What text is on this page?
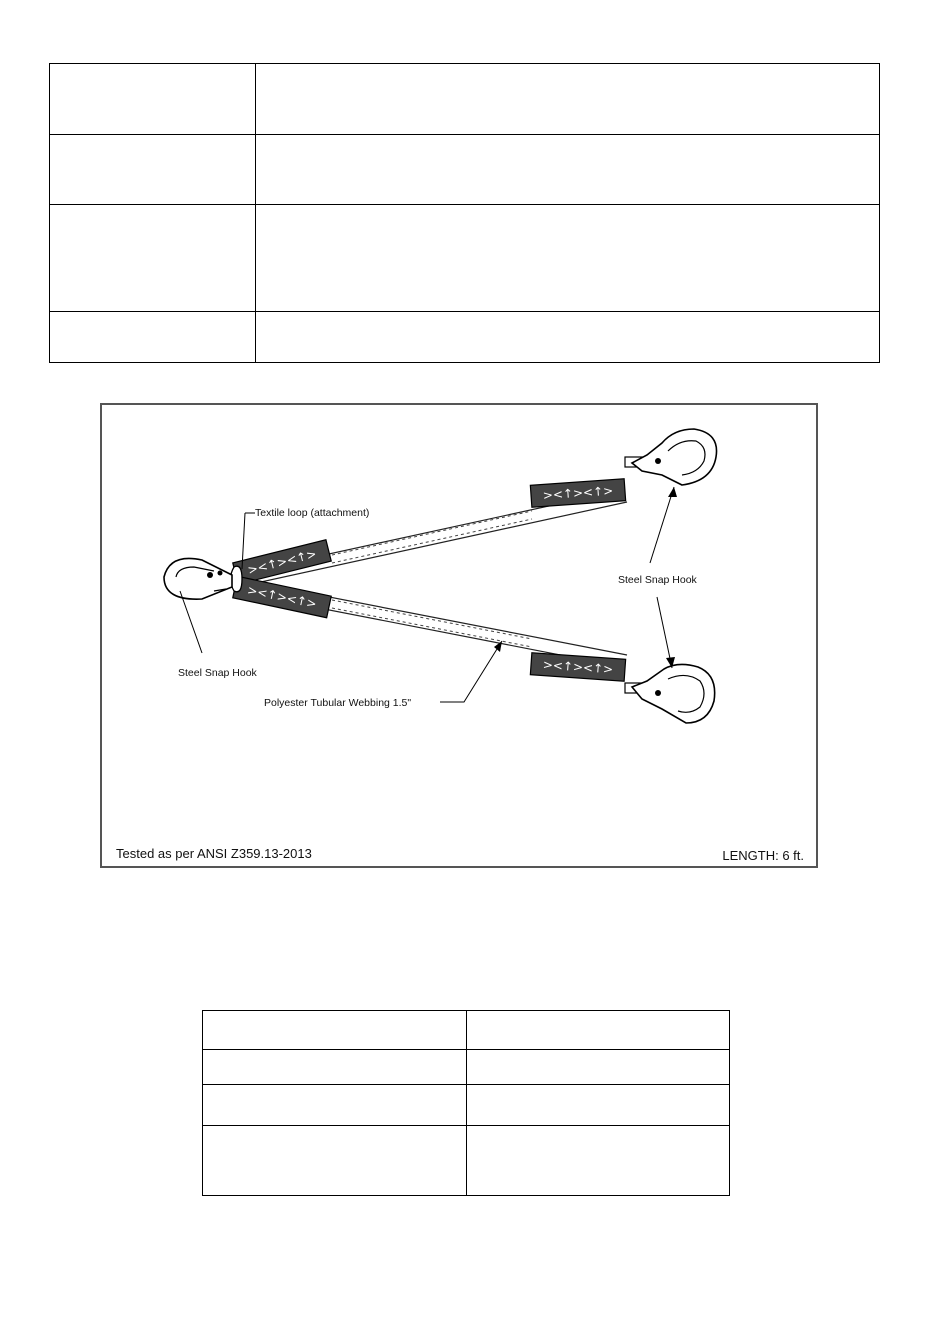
><↑><↑>
><↑><↑>
><↑><↑>
><↑><↑>
Textile loop (attachment)
Steel Snap Hook
Steel Snap Hook
Polyester Tubular Webbing 1.5"
Tested as per ANSI Z359.13-2013	LENGTH: 6 ft.
